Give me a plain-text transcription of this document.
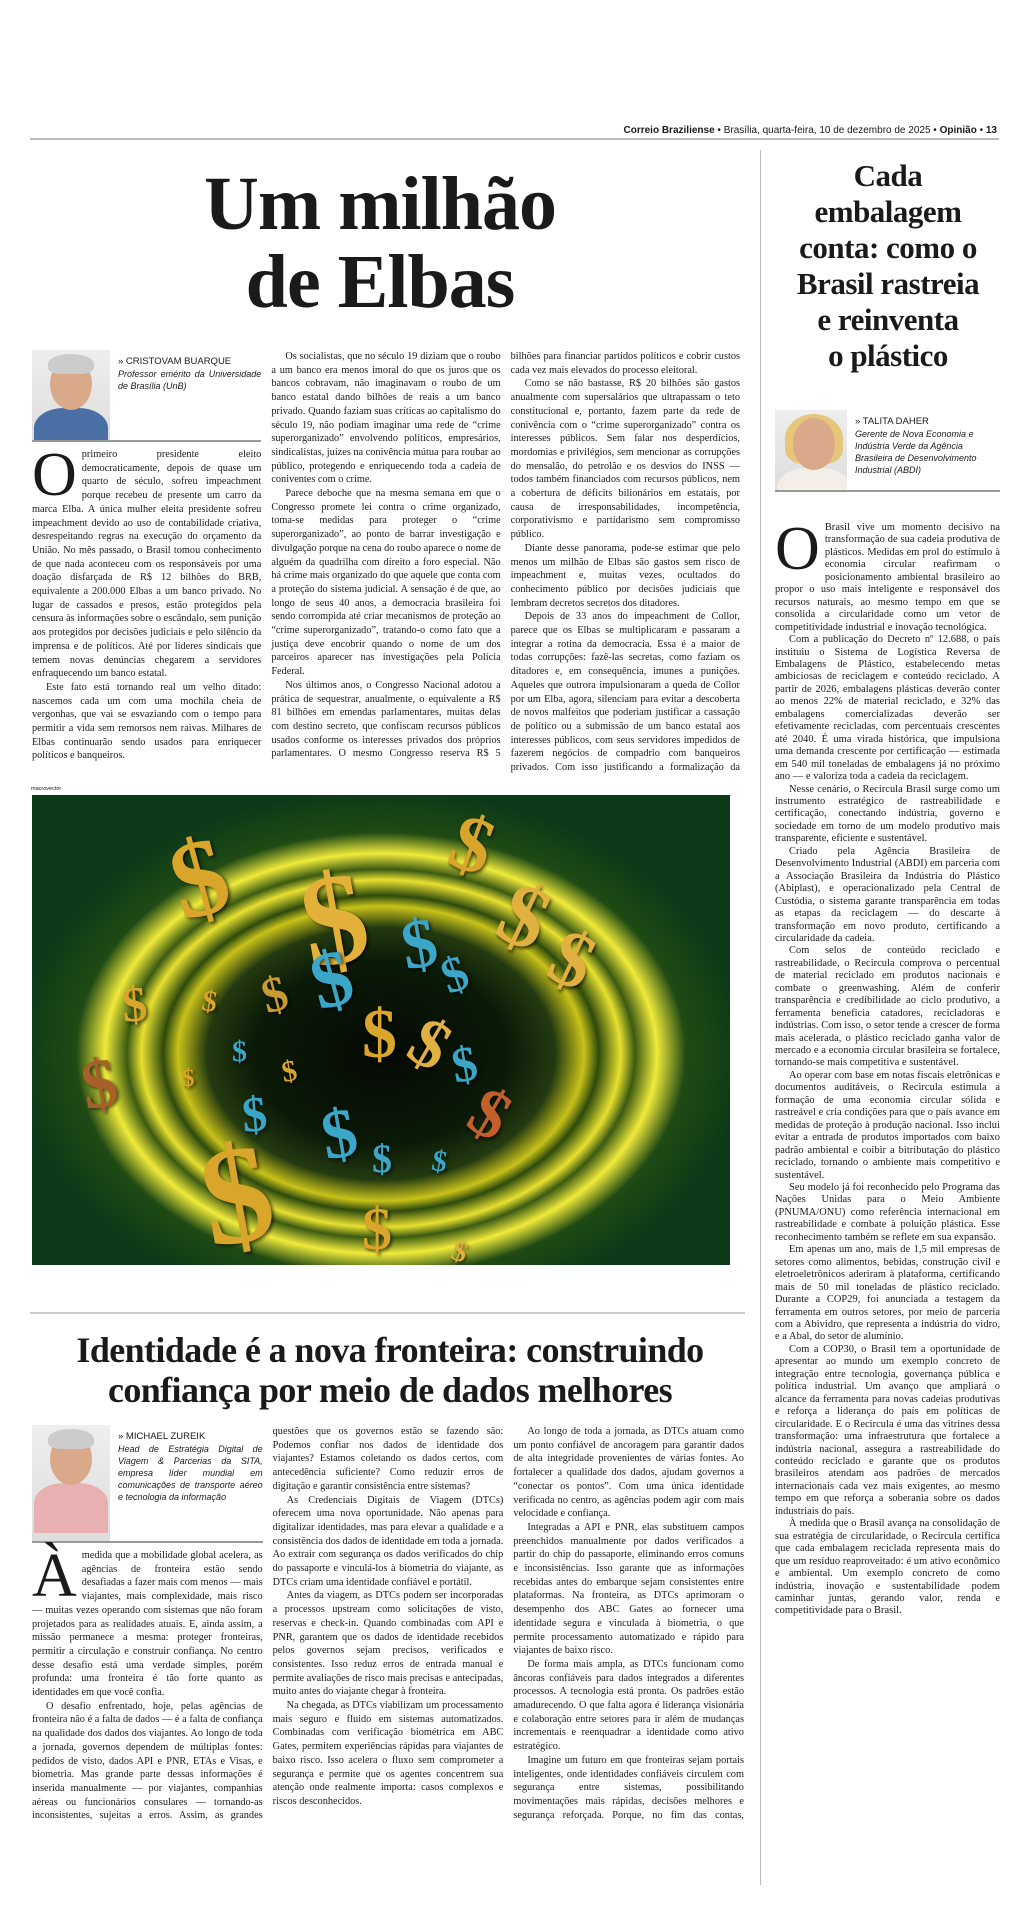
Correio Braziliense • Brasília, quarta-feira, 10 de dezembro de 2025 • Opinião • 13
Um milhão
de Elbas
» CRISTOVAM BUARQUE
Professor emérito da Universidade de Brasília (UnB)

Oprimeiro presidente eleito democraticamente, depois de quase um quarto de século, sofreu impeachment porque recebeu de presente um carro da marca Elba. A única mulher eleita presidente sofreu impeachment devido ao uso de contabilidade criativa, desrespeitando regras na execução do orçamento da União. No mês passado, o Brasil tomou conhecimento de que nada aconteceu com os responsáveis por uma doação disfarçada de R$ 12 bilhões do BRB, equivalente a 200.000 Elbas a um banco privado. No lugar de cassados e presos, estão protegidos pela censura às informações sobre o escândalo, sem punição aos protegidos por decisões judiciais e pelo silêncio da imprensa e de políticos. Até por líderes sindicais que temem novas denúncias chegarem a servidores enfraquecendo um banco estatal.

Este fato está tornando real um velho ditado: nascemos cada um com uma mochila cheia de vergonhas, que vai se esvaziando com o tempo para permitir a vida sem remorsos nem raivas. Milhares de Elbas continuarão sendo usados para enriquecer políticos e banqueiros.

Os socialistas, que no século 19 diziam que o roubo a um banco era menos imoral do que os juros que os bancos cobravam, não imaginavam o roubo de um banco estatal dando bilhões de reais a um banco privado. Quando faziam suas críticas ao capitalismo do século 19, não podiam imaginar uma rede de “crime superorganizado” envolvendo políticos, empresários, sindicalistas, juízes na conivência mútua para roubar ao público, protegendo e enriquecendo toda a cadeia de coniventes com o crime.

Parece deboche que na mesma semana em que o Congresso promete lei contra o crime organizado, toma-se medidas para proteger o “crime superorganizado”, ao ponto de barrar investigação e divulgação porque na cena do roubo aparece o nome de alguém da quadrilha com direito a foro especial. Não há crime mais organizado do que aquele que conta com a proteção do sistema judicial. A sensação é de que, ao longo de seus 40 anos, a democracia brasileira foi sendo corrompida até criar mecanismos de proteção ao “crime superorganizado”, tratando-o como fato que a justiça deve encobrir quando o nome de um dos parceiros aparecer nas investigações pela Polícia Federal.

Nos últimos anos, o Congresso Nacional adotou a prática de sequestrar, anualmente, o equivalente a R$ 81 bilhões em emendas parlamentares, muitas delas com destino secreto, que confiscam recursos públicos usados conforme os interesses privados dos próprios parlamentares. O mesmo Congresso reserva R$ 5 bilhões para financiar partidos políticos e cobrir custos cada vez mais elevados do processo eleitoral.

Como se não bastasse, R$ 20 bilhões são gastos anualmente com supersalários que ultrapassam o teto constitucional e, portanto, fazem parte da rede de conivência com o “crime superorganizado” contra os interesses públicos. Sem falar nos desperdícios, mordomias e privilégios, sem mencionar as corrupções do mensalão, do petrolão e os desvios do INSS — todos também financiados com recursos públicos, nem a cobertura de déficits bilionários em estatais, por causa de irresponsabilidades, incompetência, corporativismo e partidarismo sem compromisso público.

Diante desse panorama, pode-se estimar que pelo menos um milhão de Elbas são gastos sem risco de impeachment e, muitas vezes, ocultados do conhecimento público por decisões judiciais que lembram decretos secretos dos ditadores.

Depois de 33 anos do impeachment de Collor, parece que os Elbas se multiplicaram e passaram a integrar a rotina da democracia. Essa é a maior de todas corrupções: fazê-las secretas, como faziam os ditadores e, em consequência, imunes a punições. Aqueles que outrora impulsionaram a queda de Collor por um Elba, agora, silenciam para evitar a descoberta de novos malfeitos que poderiam justificar a cassação de político ou a submissão de um banco estatal aos interesses públicos, com seus servidores impedidos de fazerem negócios de compadrio com banqueiros privados. Com isso justificando a formalização da

macrovector
$
$
$
$
$
$
$
$
$
$
$
$
$
$
$
$
$
$
$
$
$
$
$
$
$
$
Identidade é a nova fronteira: construindo
confiança por meio de dados melhores
» MICHAEL ZUREIK
Head de Estratégia Digital de Viagem & Parcerias da SITA, empresa líder mundial em comunicações de transporte aéreo e tecnologia da informação

Àmedida que a mobilidade global acelera, as agências de fronteira estão sendo desafiadas a fazer mais com menos — mais viajantes, mais complexidade, mais risco — muitas vezes operando com sistemas que não foram projetados para as realidades atuais. E, ainda assim, a missão permanece a mesma: proteger fronteiras, permitir a circulação e construir confiança. No centro desse desafio está uma verdade simples, porém profunda: uma fronteira é tão forte quanto as identidades em que você confia.

O desafio enfrentado, hoje, pelas agências de fronteira não é a falta de dados — é a falta de confiança na qualidade dos dados dos viajantes. Ao longo de toda a jornada, governos dependem de múltiplas fontes: pedidos de visto, dados API e PNR, ETAs e Visas, e biometria. Mas grande parte dessas informações é inserida manualmente — por viajantes, companhias aéreas ou funcionários consulares — tornando-as inconsistentes, sujeitas a erros. Assim, as grandes questões que os governos estão se fazendo são: Podemos confiar nos dados de identidade dos viajantes? Estamos coletando os dados certos, com antecedência suficiente? Como reduzir erros de digitação e garantir consistência entre sistemas?

As Credenciais Digitais de Viagem (DTCs) oferecem uma nova oportunidade. Não apenas para digitalizar identidades, mas para elevar a qualidade e a consistência dos dados de identidade em toda a jornada. Ao extrair com segurança os dados verificados do chip do passaporte e vinculá-los à biometria do viajante, as DTCs criam uma identidade confiável e portátil.

Antes da viagem, as DTCs podem ser incorporadas a processos upstream como solicitações de visto, reservas e check-in. Quando combinadas com API e PNR, garantem que os dados de identidade recebidos pelos governos sejam precisos, verificados e consistentes. Isso reduz erros de entrada manual e permite avaliações de risco mais precisas e antecipadas, muito antes do viajante chegar à fronteira.

Na chegada, as DTCs viabilizam um processamento mais seguro e fluido em sistemas automatizados. Combinadas com verificação biométrica em ABC Gates, permitem experiências rápidas para viajantes de baixo risco. Isso acelera o fluxo sem comprometer a segurança e permite que os agentes concentrem sua atenção onde realmente importa: casos complexos e riscos desconhecidos.

Ao longo de toda a jornada, as DTCs atuam como um ponto confiável de ancoragem para garantir dados de alta integridade provenientes de várias fontes. Ao fortalecer a qualidade dos dados, ajudam governos a “conectar os pontos”. Com uma única identidade verificada no centro, as agências podem agir com mais velocidade e confiança.

Integradas a API e PNR, elas substituem campos preenchidos manualmente por dados verificados a partir do chip do passaporte, eliminando erros comuns e inconsistências. Isso garante que as informações recebidas antes do embarque sejam consistentes entre plataformas. Na fronteira, as DTCs aprimoram o desempenho dos ABC Gates ao fornecer uma identidade segura e vinculada à biometria, o que permite processamento automatizado e rápido para viajantes de baixo risco.

De forma mais ampla, as DTCs funcionam como âncoras confiáveis para dados integrados a diferentes processos. A tecnologia está pronta. Os padrões estão amadurecendo. O que falta agora é liderança visionária e colaboração entre setores para ir além de mudanças incrementais e reenquadrar a identidade como ativo estratégico.

Imagine um futuro em que fronteiras sejam portais inteligentes, onde identidades confiáveis circulem com segurança entre sistemas, possibilitando movimentações mais rápidas, decisões melhores e segurança reforçada. Porque, no fim das contas,

Cada
embalagem
conta: como o
Brasil rastreia
e reinventa
o plástico
» TALITA DAHER
Gerente de Nova Economia e Indústria Verde da Agência Brasileira de Desenvolvimento Industrial (ABDI)

O Brasil vive um momento decisivo na transformação de sua cadeia produtiva de plásticos. Medidas em prol do estímulo à economia circular reafirmam o posicionamento ambiental brasileiro ao propor o uso mais inteligente e responsável dos recursos naturais, ao mesmo tempo em que se consolida a circularidade como um vetor de competitividade industrial e inovação tecnológica.

Com a publicação do Decreto nº 12.688, o país instituiu o Sistema de Logística Reversa de Embalagens de Plástico, estabelecendo metas ambiciosas de reciclagem e conteúdo reciclado. A partir de 2026, embalagens plásticas deverão conter ao menos 22% de material reciclado, e 32% das embalagens comercializadas deverão ser efetivamente recicladas, com percentuais crescentes até 2040. É uma virada histórica, que impulsiona uma demanda crescente por certificação — estimada em 540 mil toneladas de embalagens já no próximo ano — e valoriza toda a cadeia da reciclagem.

Nesse cenário, o Recircula Brasil surge como um instrumento estratégico de rastreabilidade e certificação, conectando indústria, governo e sociedade em torno de um modelo produtivo mais transparente, eficiente e sustentável.

Criado pela Agência Brasileira de Desenvolvimento Industrial (ABDI) em parceria com a Associação Brasileira da Indústria do Plástico (Abiplast), e operacionalizado pela Central de Custódia, o sistema garante transparência em todas as etapas da reciclagem — do descarte à transformação em novo produto, certificando a circularidade da cadeia.

Com selos de conteúdo reciclado e rastreabilidade, o Recircula comprova o percentual de material reciclado em produtos nacionais e combate o greenwashing. Além de conferir transparência e credibilidade ao ciclo produtivo, a ferramenta beneficia catadores, recicladoras e indústrias. Com isso, o setor tende a crescer de forma mais acelerada, o plástico reciclado ganha valor de mercado e a economia circular brasileira se fortalece, tornando-se mais competitiva e sustentável.

Ao operar com base em notas fiscais eletrônicas e documentos auditáveis, o Recircula estimula a formação de uma economia circular sólida e rastreável e cria condições para que o país avance em medidas de proteção à produção nacional. Isso inclui evitar a entrada de produtos importados com baixo padrão ambiental e coibir a bitributação do plástico reciclado, tornando o ambiente mais competitivo e sustentável.

Seu modelo já foi reconhecido pelo Programa das Nações Unidas para o Meio Ambiente (PNUMA/ONU) como referência internacional em rastreabilidade e combate à poluição plástica. Esse reconhecimento também se reflete em sua expansão.

Em apenas um ano, mais de 1,5 mil empresas de setores como alimentos, bebidas, construção civil e eletroeletrônicos aderiram à plataforma, certificando mais de 50 mil toneladas de plástico reciclado. Durante a COP29, foi anunciada a testagem da ferramenta em outros setores, por meio de parceria com a Abividro, que representa a indústria do vidro, e a Abal, do setor de alumínio.

Com a COP30, o Brasil tem a oportunidade de apresentar ao mundo um exemplo concreto de integração entre tecnologia, governança pública e política industrial. Um avanço que ampliará o alcance da ferramenta para novas cadeias produtivas e reforça a liderança do país em políticas de circularidade. E o Recircula é uma das vitrines dessa transformação: uma infraestrutura que fortalece a indústria nacional, assegura a rastreabilidade do conteúdo reciclado e garante que os produtos brasileiros atendam aos padrões de mercados internacionais cada vez mais exigentes, ao mesmo tempo em que reforça a soberania sobre os dados industriais do país.

À medida que o Brasil avança na consolidação de sua estratégia de circularidade, o Recircula certifica que cada embalagem reciclada representa mais do que um resíduo reaproveitado: é um ativo econômico e ambiental. Um exemplo concreto de como indústria, inovação e sustentabilidade podem caminhar juntas, gerando valor, renda e competitividade para o Brasil.
